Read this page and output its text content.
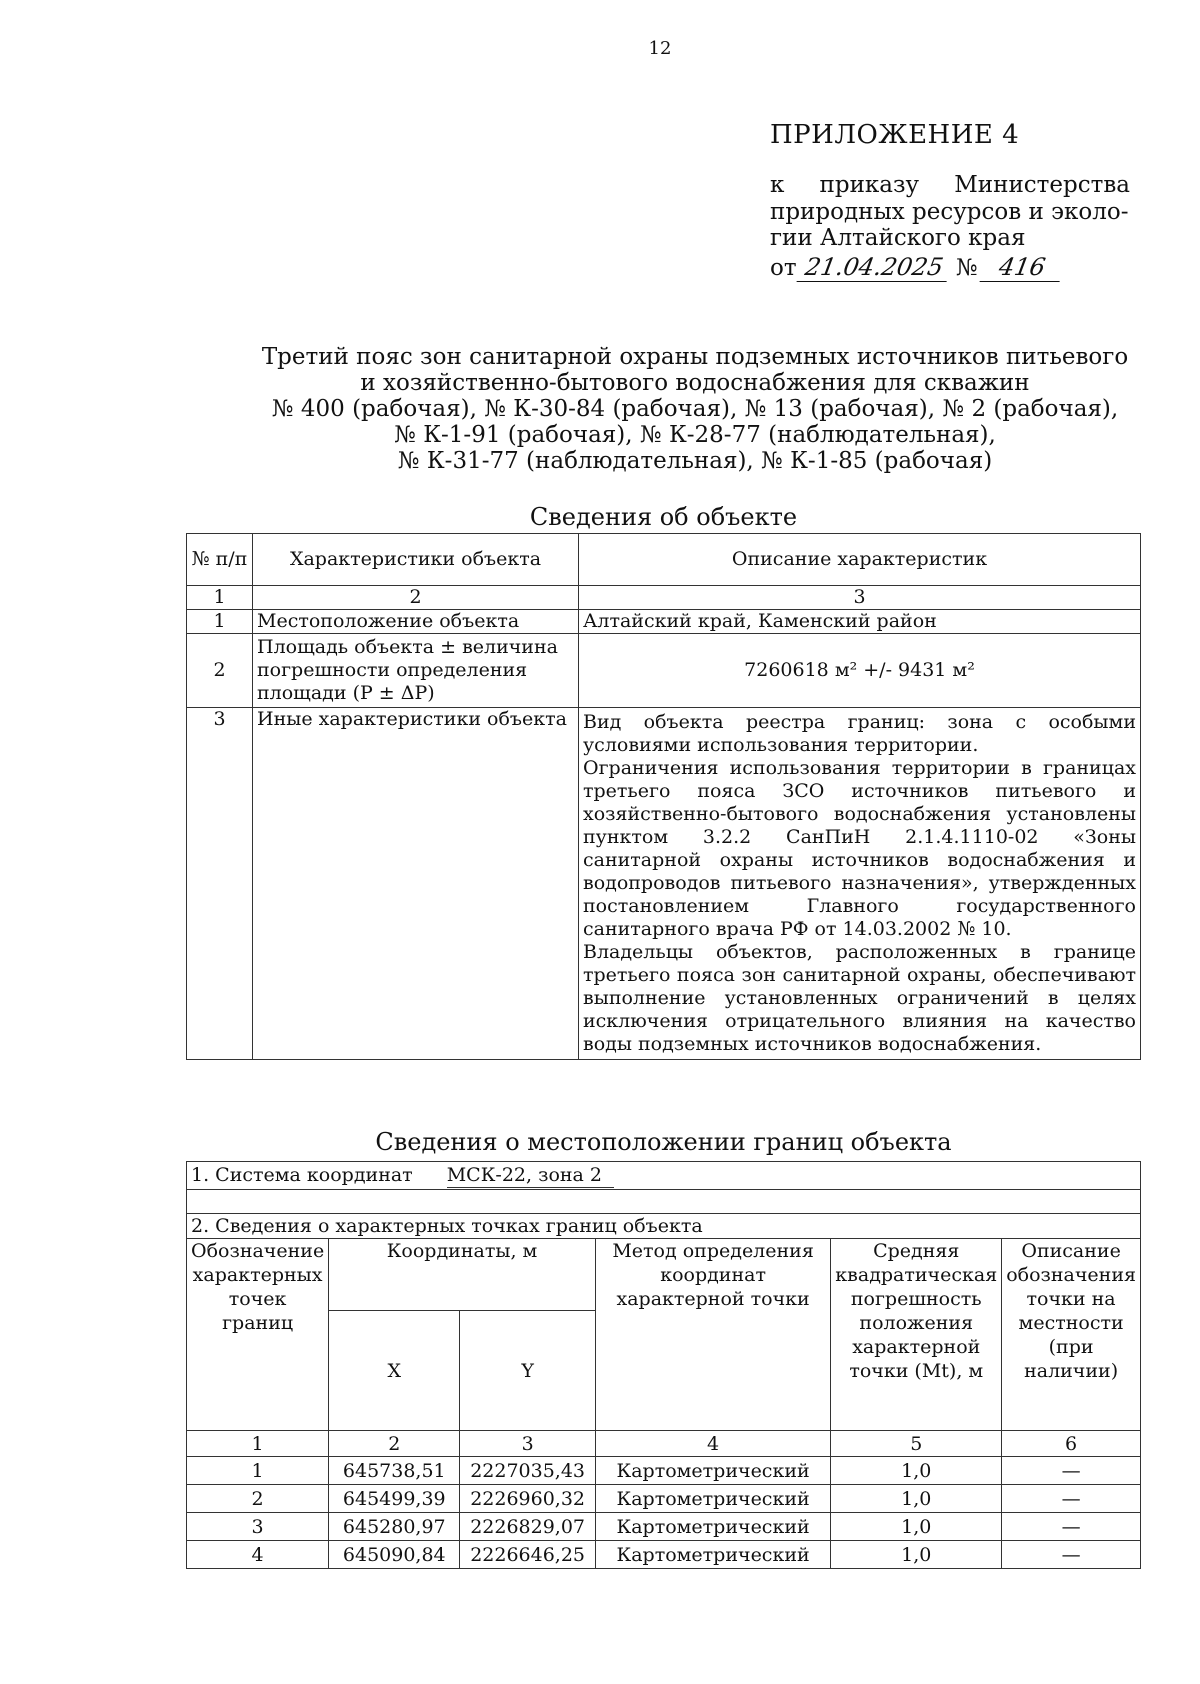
12
ПРИЛОЖЕНИЕ 4
к приказу Министерства
природных ресурсов и эколо-
гии Алтайского края
от 21.04.2025 № 416
Третий пояс зон санитарной охраны подземных источников питьевого
и хозяйственно-бытового водоснабжения для скважин
№ 400 (рабочая), № К-30-84 (рабочая), № 13 (рабочая), № 2 (рабочая),
№ К-1-91 (рабочая), № К-28-77 (наблюдательная),
№ К-31-77 (наблюдательная), № К-1-85 (рабочая)
Сведения об объекте
№ п/п	Характеристики объекта	Описание характеристик
1	2	3
1	Местоположение объекта	Алтайский край, Каменский район
2	Площадь объекта ± величина погрешности определения площади (P ± ΔP)	7260618 м² +/- 9431 м²
3	Иные характеристики объекта	Вид объекта реестра границ: зона с особыми условиями использования территории.

Ограничения использования территории в границах третьего пояса ЗСО источников питьевого и хозяйственно-бытового водоснабжения установлены пунктом 3.2.2 СанПиН 2.1.4.1110-02 «Зоны санитарной охраны источников водоснабжения и водопроводов питьевого назначения», утвержденных постановлением Главного государственного санитарного врача РФ от 14.03.2002 № 10.

Владельцы объектов, расположенных в границе третьего пояса зон санитарной охраны, обеспечивают выполнение установленных ограничений в целях исключения отрицательного влияния на качество воды подземных источников водоснабжения.

Сведения о местоположении границ объекта
1. Система координат МСК-22, зона 2					

2. Сведения о характерных точках границ объекта					
Обозначение характерных точек границ	Координаты, м		Метод определения координат характерной точки	Средняя квадратическая погрешность положения характерной точки (Mt), м	Описание обозначения точки на местности (при наличии)
	X	Y			
1	2	3	4	5	6
1	645738,51	2227035,43	Картометрический	1,0	—
2	645499,39	2226960,32	Картометрический	1,0	—
3	645280,97	2226829,07	Картометрический	1,0	—
4	645090,84	2226646,25	Картометрический	1,0	—
